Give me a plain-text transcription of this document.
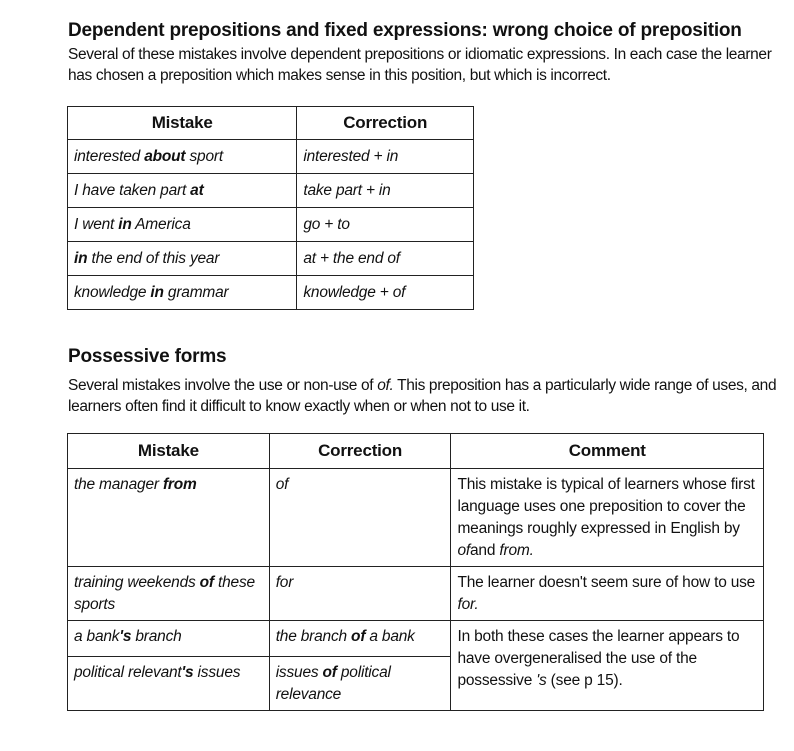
Dependent prepositions and fixed expressions: wrong choice of preposition

Several of these mistakes involve dependent prepositions or idiomatic expressions. In each case the learner has chosen a preposition which makes sense in this position, but which is incorrect.

Mistake	Correction
interested about sport	interested + in
I have taken part at	take part + in
I went in America	go + to
in the end of this year	at + the end of
knowledge in grammar	knowledge + of
Possessive forms

Several mistakes involve the use or non-use of of. This preposition has a particularly wide range of uses, and learners often find it difficult to know exactly when or when not to use it.

Mistake	Correction	Comment
the manager from	of	This mistake is typical of learners whose first language uses one preposition to cover the meanings roughly expressed in English by ofand from.
training weekends of these sports	for	The learner doesn't seem sure of how to use for.
a bank's branch	the branch of a bank	In both these cases the learner appears to have overgeneralised the use of the possessive 's (see p 15).
political relevant's issues	issues of political relevance	
